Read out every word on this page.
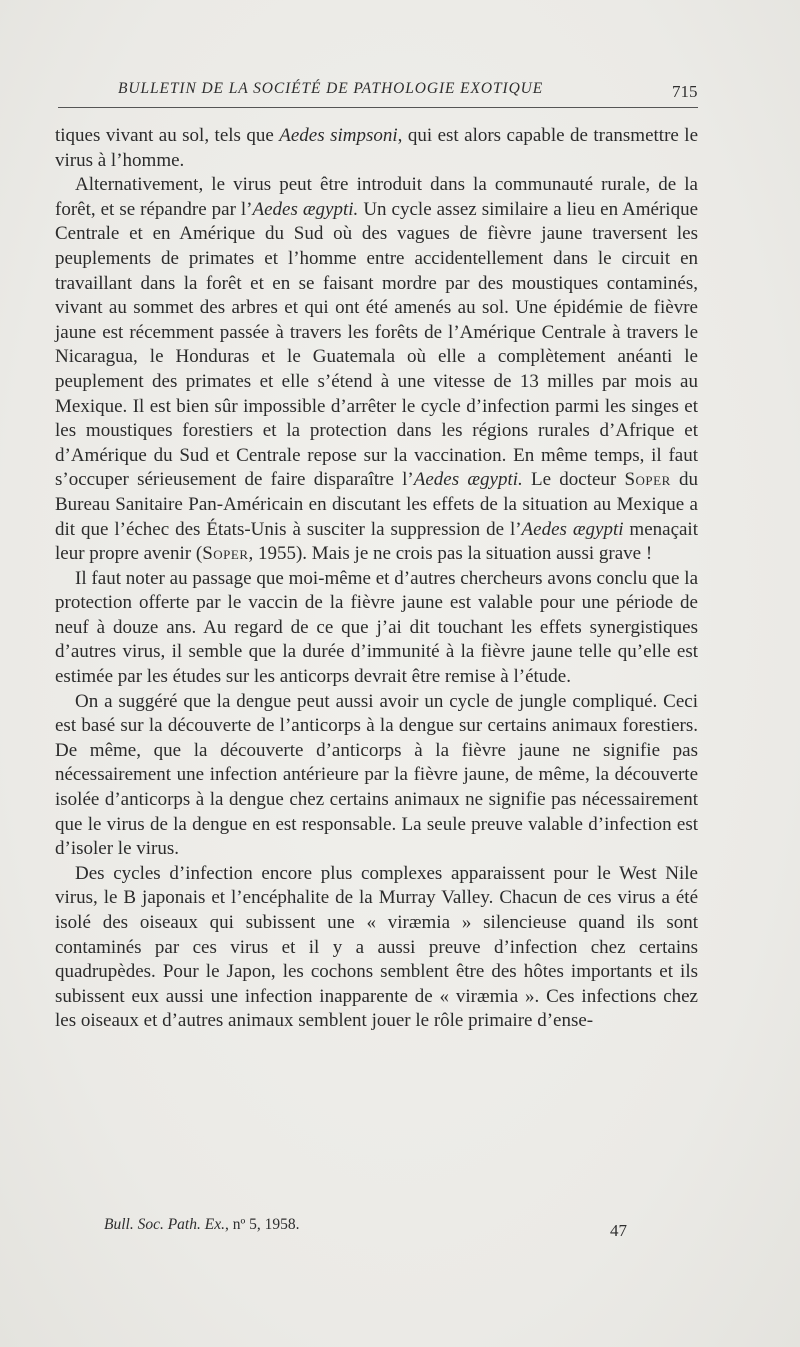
BULLETIN DE LA SOCIÉTÉ DE PATHOLOGIE EXOTIQUE	715

tiques vivant au sol, tels que Aedes simpsoni, qui est alors capable de transmettre le virus à l’homme.

Alternativement, le virus peut être introduit dans la communauté rurale, de la forêt, et se répandre par l’Aedes ægypti. Un cycle assez similaire a lieu en Amérique Centrale et en Amérique du Sud où des vagues de fièvre jaune traversent les peuplements de primates et l’homme entre accidentellement dans le circuit en travaillant dans la forêt et en se faisant mordre par des moustiques contaminés, vivant au sommet des arbres et qui ont été amenés au sol. Une épidémie de fièvre jaune est récemment passée à travers les forêts de l’Amérique Centrale à travers le Nicaragua, le Honduras et le Guatemala où elle a complètement anéanti le peuplement des primates et elle s’étend à une vitesse de 13 milles par mois au Mexique. Il est bien sûr impossible d’arrêter le cycle d’infection parmi les singes et les moustiques forestiers et la protection dans les régions rurales d’Afrique et d’Amérique du Sud et Centrale repose sur la vaccination. En même temps, il faut s’occuper sérieusement de faire disparaître l’Aedes ægypti. Le docteur Soper du Bureau Sanitaire Pan-Américain en discutant les effets de la situation au Mexique a dit que l’échec des États-Unis à susciter la suppression de l’Aedes ægypti menaçait leur propre avenir (Soper, 1955). Mais je ne crois pas la situation aussi grave !

Il faut noter au passage que moi-même et d’autres chercheurs avons conclu que la protection offerte par le vaccin de la fièvre jaune est valable pour une période de neuf à douze ans. Au regard de ce que j’ai dit touchant les effets synergistiques d’autres virus, il semble que la durée d’immunité à la fièvre jaune telle qu’elle est estimée par les études sur les anticorps devrait être remise à l’étude.

On a suggéré que la dengue peut aussi avoir un cycle de jungle compliqué. Ceci est basé sur la découverte de l’anticorps à la dengue sur certains animaux forestiers. De même, que la découverte d’anticorps à la fièvre jaune ne signifie pas nécessairement une infection antérieure par la fièvre jaune, de même, la découverte isolée d’anticorps à la dengue chez certains animaux ne signifie pas nécessairement que le virus de la dengue en est responsable. La seule preuve valable d’infection est d’isoler le virus.

Des cycles d’infection encore plus complexes apparaissent pour le West Nile virus, le B japonais et l’encéphalite de la Murray Valley. Chacun de ces virus a été isolé des oiseaux qui subissent une « viræmia » silencieuse quand ils sont contaminés par ces virus et il y a aussi preuve d’infection chez certains quadrupèdes. Pour le Japon, les cochons semblent être des hôtes importants et ils subissent eux aussi une infection inapparente de « viræmia ». Ces infections chez les oiseaux et d’autres animaux semblent jouer le rôle primaire d’ense-

Bull. Soc. Path. Ex., nº 5, 1958.	47
